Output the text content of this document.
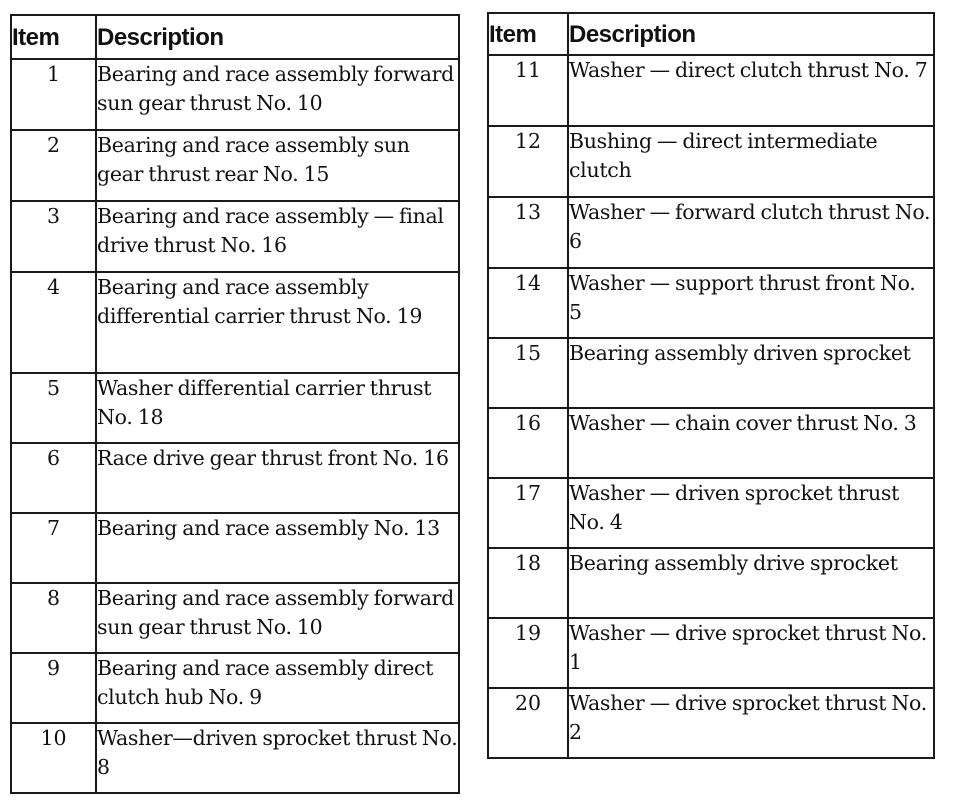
Item	Description
1	Bearing and race assembly forward sun gear thrust No. 10
2	Bearing and race assembly sun gear thrust rear No. 15
3	Bearing and race assembly — final drive thrust No. 16
4	Bearing and race assembly differential carrier thrust No. 19
5	Washer differential carrier thrust No. 18
6	Race drive gear thrust front No. 16
7	Bearing and race assembly No. 13
8	Bearing and race assembly forward sun gear thrust No. 10
9	Bearing and race assembly direct clutch hub No. 9
10	Washer—driven sprocket thrust No. 8
Item	Description
11	Washer — direct clutch thrust No. 7
12	Bushing — direct intermediate clutch
13	Washer — forward clutch thrust No. 6
14	Washer — support thrust front No. 5
15	Bearing assembly driven sprocket
16	Washer — chain cover thrust No. 3
17	Washer — driven sprocket thrust No. 4
18	Bearing assembly drive sprocket
19	Washer — drive sprocket thrust No. 1
20	Washer — drive sprocket thrust No. 2
